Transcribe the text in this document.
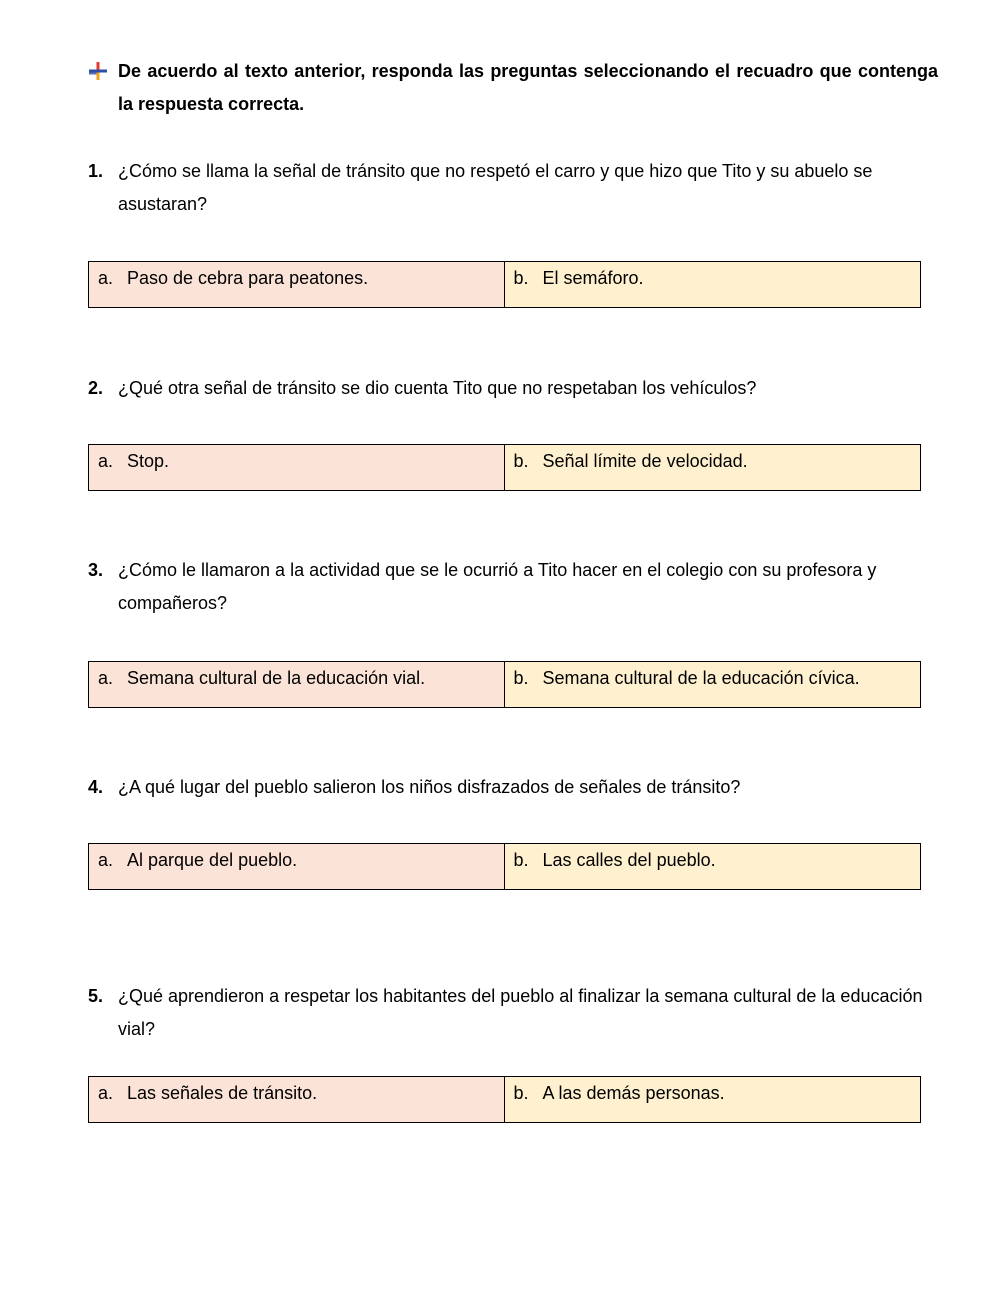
De acuerdo al texto anterior, responda las preguntas seleccionando el recuadro que contenga la respuesta correcta.
1. ¿Cómo se llama la señal de tránsito que no respetó el carro y que hizo que Tito y su abuelo se asustaran?
a. Paso de cebra para peatones.	b. El semáforo.
2. ¿Qué otra señal de tránsito se dio cuenta Tito que no respetaban los vehículos?
a. Stop.	b. Señal límite de velocidad.
3. ¿Cómo le llamaron a la actividad que se le ocurrió a Tito hacer en el colegio con su profesora y compañeros?
a. Semana cultural de la educación vial.	b. Semana cultural de la educación cívica.
4. ¿A qué lugar del pueblo salieron los niños disfrazados de señales de tránsito?
a. Al parque del pueblo.	b. Las calles del pueblo.
5. ¿Qué aprendieron a respetar los habitantes del pueblo al finalizar la semana cultural de la educación vial?
a. Las señales de tránsito.	b. A las demás personas.
